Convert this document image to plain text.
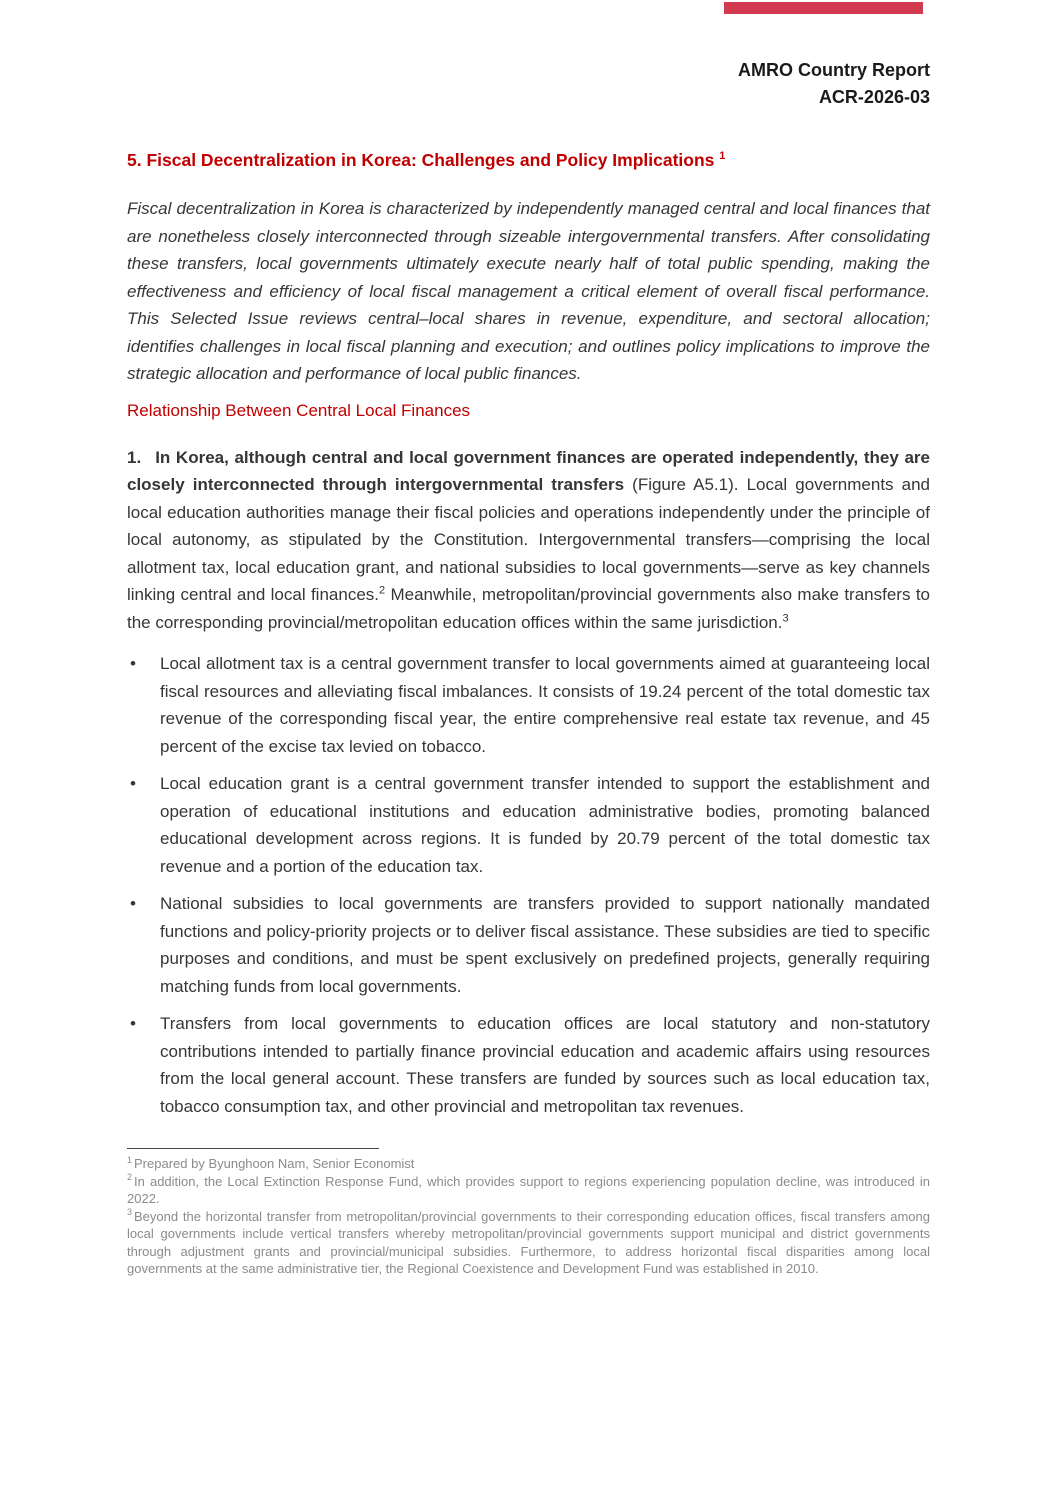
AMRO Country Report
ACR-2026-03
5. Fiscal Decentralization in Korea: Challenges and Policy Implications $^1$

Fiscal decentralization in Korea is characterized by independently managed central and local finances that are nonetheless closely interconnected through sizeable intergovernmental transfers. After consolidating these transfers, local governments ultimately execute nearly half of total public spending, making the effectiveness and efficiency of local fiscal management a critical element of overall fiscal performance. This Selected Issue reviews central–local shares in revenue, expenditure, and sectoral allocation; identifies challenges in local fiscal planning and execution; and outlines policy implications to improve the strategic allocation and performance of local public finances.

Relationship Between Central Local Finances

1. In Korea, although central and local government finances are operated independently, they are closely interconnected through intergovernmental transfers (Figure A5.1). Local governments and local education authorities manage their fiscal policies and operations independently under the principle of local autonomy, as stipulated by the Constitution. Intergovernmental transfers—comprising the local allotment tax, local education grant, and national subsidies to local governments—serve as key channels linking central and local finances.$^2$ Meanwhile, metropolitan/provincial governments also make transfers to the corresponding provincial/metropolitan education offices within the same jurisdiction.$^3$

• Local allotment tax is a central government transfer to local governments aimed at guaranteeing local fiscal resources and alleviating fiscal imbalances. It consists of 19.24 percent of the total domestic tax revenue of the corresponding fiscal year, the entire comprehensive real estate tax revenue, and 45 percent of the excise tax levied on tobacco.
• Local education grant is a central government transfer intended to support the establishment and operation of educational institutions and education administrative bodies, promoting balanced educational development across regions. It is funded by 20.79 percent of the total domestic tax revenue and a portion of the education tax.
• National subsidies to local governments are transfers provided to support nationally mandated functions and policy-priority projects or to deliver fiscal assistance. These subsidies are tied to specific purposes and conditions, and must be spent exclusively on predefined projects, generally requiring matching funds from local governments.
• Transfers from local governments to education offices are local statutory and non-statutory contributions intended to partially finance provincial education and academic affairs using resources from the local general account. These transfers are funded by sources such as local education tax, tobacco consumption tax, and other provincial and metropolitan tax revenues.

$^1$ Prepared by Byunghoon Nam, Senior Economist

$^2$ In addition, the Local Extinction Response Fund, which provides support to regions experiencing population decline, was introduced in 2022.

$^3$ Beyond the horizontal transfer from metropolitan/provincial governments to their corresponding education offices, fiscal transfers among local governments include vertical transfers whereby metropolitan/provincial governments support municipal and district governments through adjustment grants and provincial/municipal subsidies. Furthermore, to address horizontal fiscal disparities among local governments at the same administrative tier, the Regional Coexistence and Development Fund was established in 2010.
